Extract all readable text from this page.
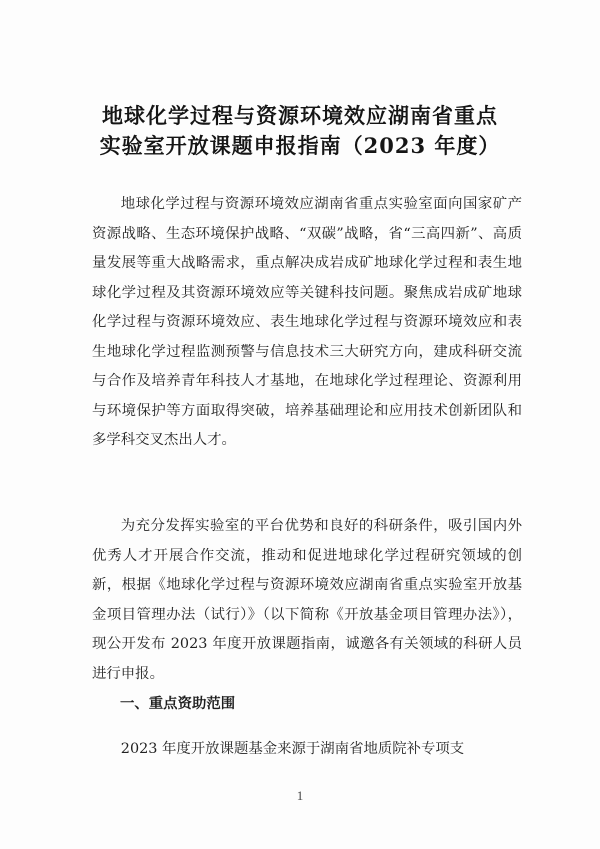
地球化学过程与资源环境效应湖南省重点
实验室开放课题申报指南（2023 年度）

地球化学过程与资源环境效应湖南省重点实验室面向国家矿产资源战略、生态环境保护战略、“双碳”战略，省“三高四新”、高质量发展等重大战略需求，重点解决成岩成矿地球化学过程和表生地球化学过程及其资源环境效应等关键科技问题。聚焦成岩成矿地球化学过程与资源环境效应、表生地球化学过程与资源环境效应和表生地球化学过程监测预警与信息技术三大研究方向，建成科研交流与合作及培养青年科技人才基地，在地球化学过程理论、资源利用与环境保护等方面取得突破，培养基础理论和应用技术创新团队和多学科交叉杰出人才。

为充分发挥实验室的平台优势和良好的科研条件，吸引国内外优秀人才开展合作交流，推动和促进地球化学过程研究领域的创新，根据《地球化学过程与资源环境效应湖南省重点实验室开放基金项目管理办法（试行）》（以下简称《开放基金项目管理办法》），现公开发布 2023 年度开放课题指南，诚邀各有关领域的科研人员进行申报。

一、重点资助范围

2023 年度开放课题基金来源于湖南省地质院补专项支

1
